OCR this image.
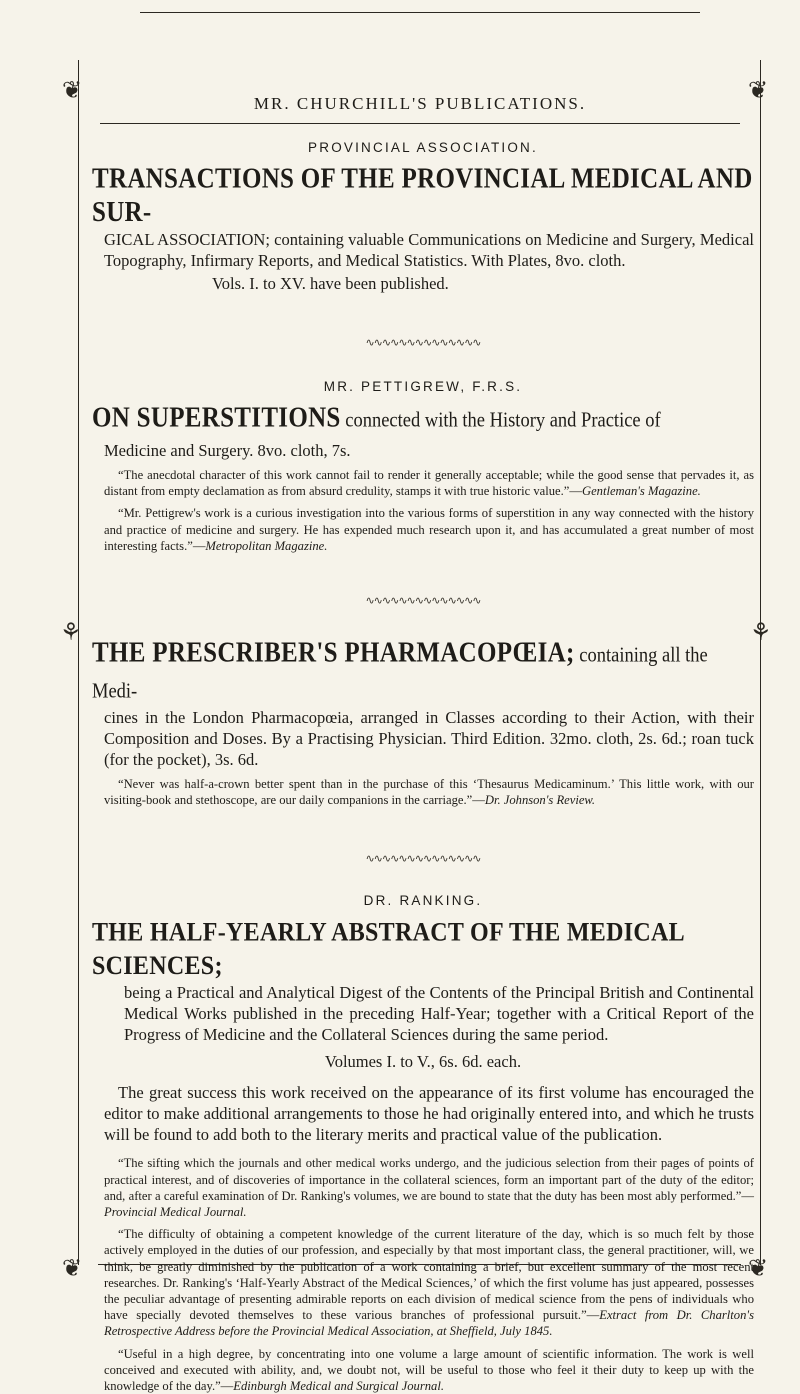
❦	❦
⚘	⚘
❦	❦
MR. CHURCHILL'S PUBLICATIONS.

PROVINCIAL ASSOCIATION.

TRANSACTIONS OF THE PROVINCIAL MEDICAL AND SUR-

GICAL ASSOCIATION; containing valuable Communications on Medicine and Surgery, Medical Topography, Infirmary Reports, and Medical Statistics. With Plates, 8vo. cloth.

Vols. I. to XV. have been published.

∿∿∿∿∿∿∿∿∿∿∿∿∿∿

MR. PETTIGREW, F.R.S.

ON SUPERSTITIONS connected with the History and Practice of

Medicine and Surgery. 8vo. cloth, 7s.

“The anecdotal character of this work cannot fail to render it generally acceptable; while the good sense that pervades it, as distant from empty declamation as from absurd credulity, stamps it with true historic value.”—Gentleman's Magazine.

“Mr. Pettigrew's work is a curious investigation into the various forms of superstition in any way connected with the history and practice of medicine and surgery. He has expended much research upon it, and has accumulated a great number of most interesting facts.”—Metropolitan Magazine.

∿∿∿∿∿∿∿∿∿∿∿∿∿∿

THE PRESCRIBER'S PHARMACOPŒIA; containing all the Medi-

cines in the London Pharmacopœia, arranged in Classes according to their Action, with their Composition and Doses. By a Practising Physician. Third Edition. 32mo. cloth, 2s. 6d.; roan tuck (for the pocket), 3s. 6d.

“Never was half-a-crown better spent than in the purchase of this ‘Thesaurus Medicaminum.’ This little work, with our visiting-book and stethoscope, are our daily companions in the carriage.”—Dr. Johnson's Review.

∿∿∿∿∿∿∿∿∿∿∿∿∿∿

DR. RANKING.

THE HALF-YEARLY ABSTRACT OF THE MEDICAL SCIENCES;

being a Practical and Analytical Digest of the Contents of the Principal British and Continental Medical Works published in the preceding Half-Year; together with a Critical Report of the Progress of Medicine and the Collateral Sciences during the same period.

Volumes I. to V., 6s. 6d. each.

The great success this work received on the appearance of its first volume has encouraged the editor to make additional arrangements to those he had originally entered into, and which he trusts will be found to add both to the literary merits and practical value of the publication.

“The sifting which the journals and other medical works undergo, and the judicious selection from their pages of points of practical interest, and of discoveries of importance in the collateral sciences, form an important part of the duty of the editor; and, after a careful examination of Dr. Ranking's volumes, we are bound to state that the duty has been most ably performed.”—Provincial Medical Journal.

“The difficulty of obtaining a competent knowledge of the current literature of the day, which is so much felt by those actively employed in the duties of our profession, and especially by that most important class, the general practitioner, will, we think, be greatly diminished by the publication of a work containing a brief, but excellent summary of the most recent researches. Dr. Ranking's ‘Half-Yearly Abstract of the Medical Sciences,’ of which the first volume has just appeared, possesses the peculiar advantage of presenting admirable reports on each division of medical science from the pens of individuals who have specially devoted themselves to these various branches of professional pursuit.”—Extract from Dr. Charlton's Retrospective Address before the Provincial Medical Association, at Sheffield, July 1845.

“Useful in a high degree, by concentrating into one volume a large amount of scientific information. The work is well conceived and executed with ability, and, we doubt not, will be useful to those who feel it their duty to keep up with the knowledge of the day.”—Edinburgh Medical and Surgical Journal.
